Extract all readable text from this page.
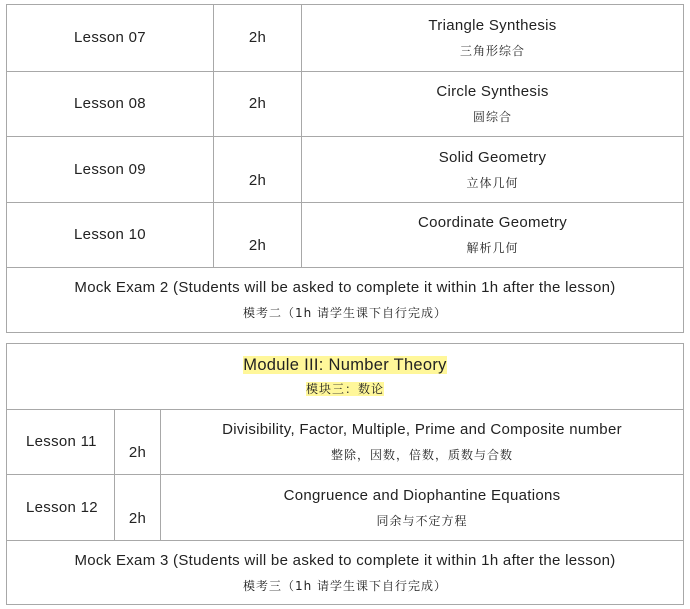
Lesson 07	2h	Triangle Synthesis
三角形综合

Lesson 08	2h	Circle Synthesis
圆综合

Lesson 09	2h	Solid Geometry
立体几何

Lesson 10	2h	Coordinate Geometry
解析几何

Mock Exam 2 (Students will be asked to complete it within 1h after the lesson)
模考二（1h 请学生课下自行完成）		
Module III: Number Theory
模块三：数论		

Lesson 11	2h	Divisibility, Factor, Multiple, Prime and Composite number
整除，因数，倍数，质数与合数

Lesson 12	2h	Congruence and Diophantine Equations
同余与不定方程

Mock Exam 3 (Students will be asked to complete it within 1h after the lesson)
模考三（1h 请学生课下自行完成）		
